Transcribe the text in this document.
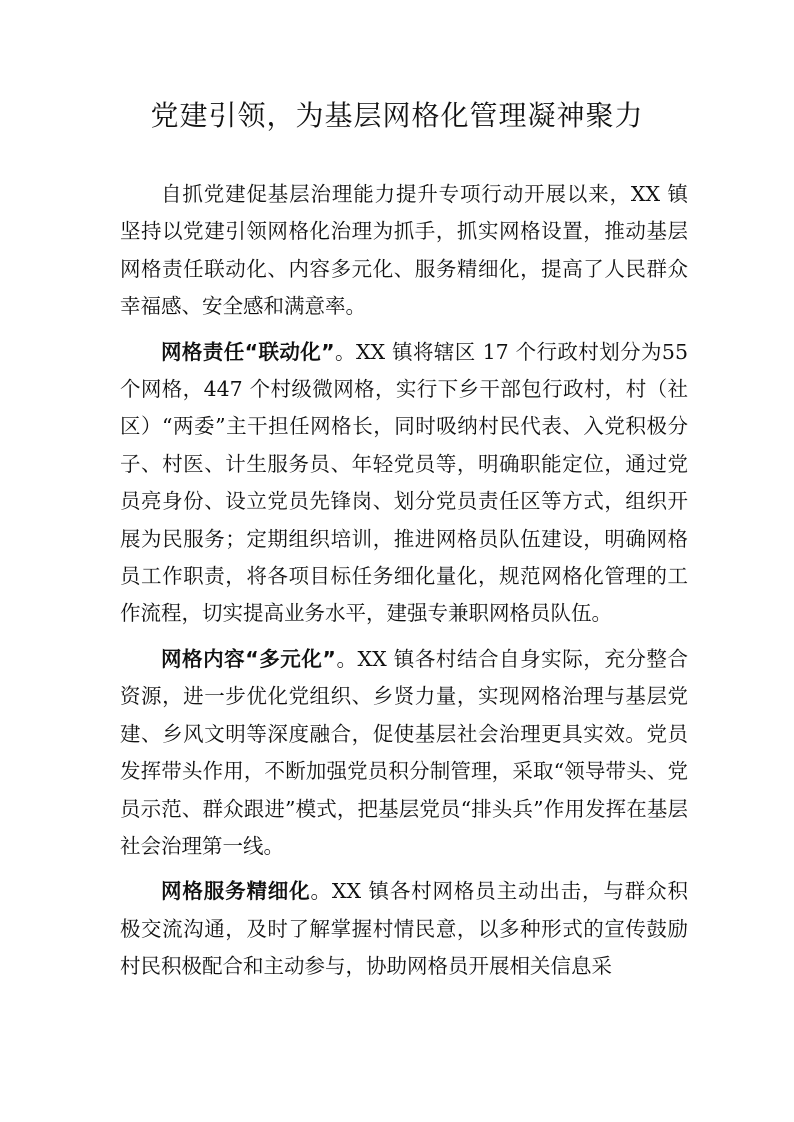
党建引领，为基层网格化管理凝神聚力

自抓党建促基层治理能力提升专项行动开展以来，XX 镇坚持以党建引领网格化治理为抓手，抓实网格设置，推动基层网格责任联动化、内容多元化、服务精细化，提高了人民群众幸福感、安全感和满意率。

网格责任“联动化”。XX 镇将辖区 17 个行政村划分为55 个网格，447 个村级微网格，实行下乡干部包行政村，村（社区）“两委”主干担任网格长，同时吸纳村民代表、入党积极分子、村医、计生服务员、年轻党员等，明确职能定位，通过党员亮身份、设立党员先锋岗、划分党员责任区等方式，组织开展为民服务；定期组织培训，推进网格员队伍建设，明确网格员工作职责，将各项目标任务细化量化，规范网格化管理的工作流程，切实提高业务水平，建强专兼职网格员队伍。

网格内容“多元化”。XX 镇各村结合自身实际，充分整合资源，进一步优化党组织、乡贤力量，实现网格治理与基层党建、乡风文明等深度融合，促使基层社会治理更具实效。党员发挥带头作用，不断加强党员积分制管理，采取“领导带头、党员示范、群众跟进”模式，把基层党员“排头兵”作用发挥在基层社会治理第一线。

网格服务精细化。XX 镇各村网格员主动出击，与群众积极交流沟通，及时了解掌握村情民意，以多种形式的宣传鼓励村民积极配合和主动参与，协助网格员开展相关信息采
